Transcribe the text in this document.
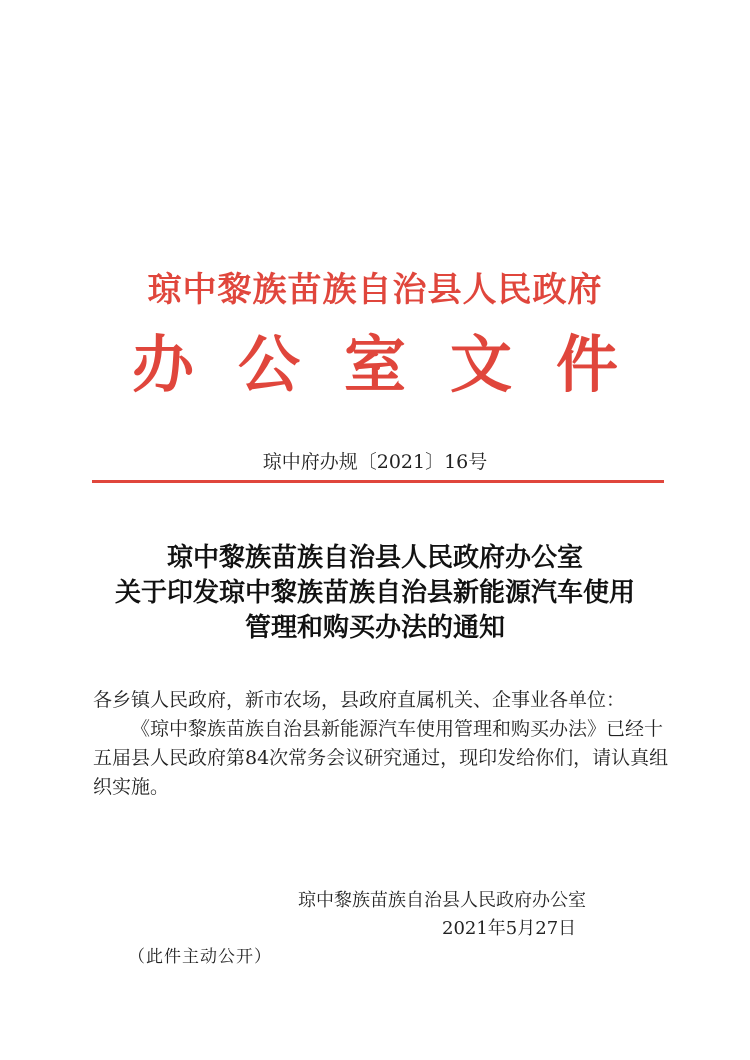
琼中黎族苗族自治县人民政府
办公室文件
琼中府办规〔2021〕16号
琼中黎族苗族自治县人民政府办公室
关于印发琼中黎族苗族自治县新能源汽车使用
管理和购买办法的通知

各乡镇人民政府，新市农场，县政府直属机关、企事业各单位：

《琼中黎族苗族自治县新能源汽车使用管理和购买办法》已经十五届县人民政府第84次常务会议研究通过，现印发给你们，请认真组织实施。

琼中黎族苗族自治县人民政府办公室
2021年5月27日
（此件主动公开）
